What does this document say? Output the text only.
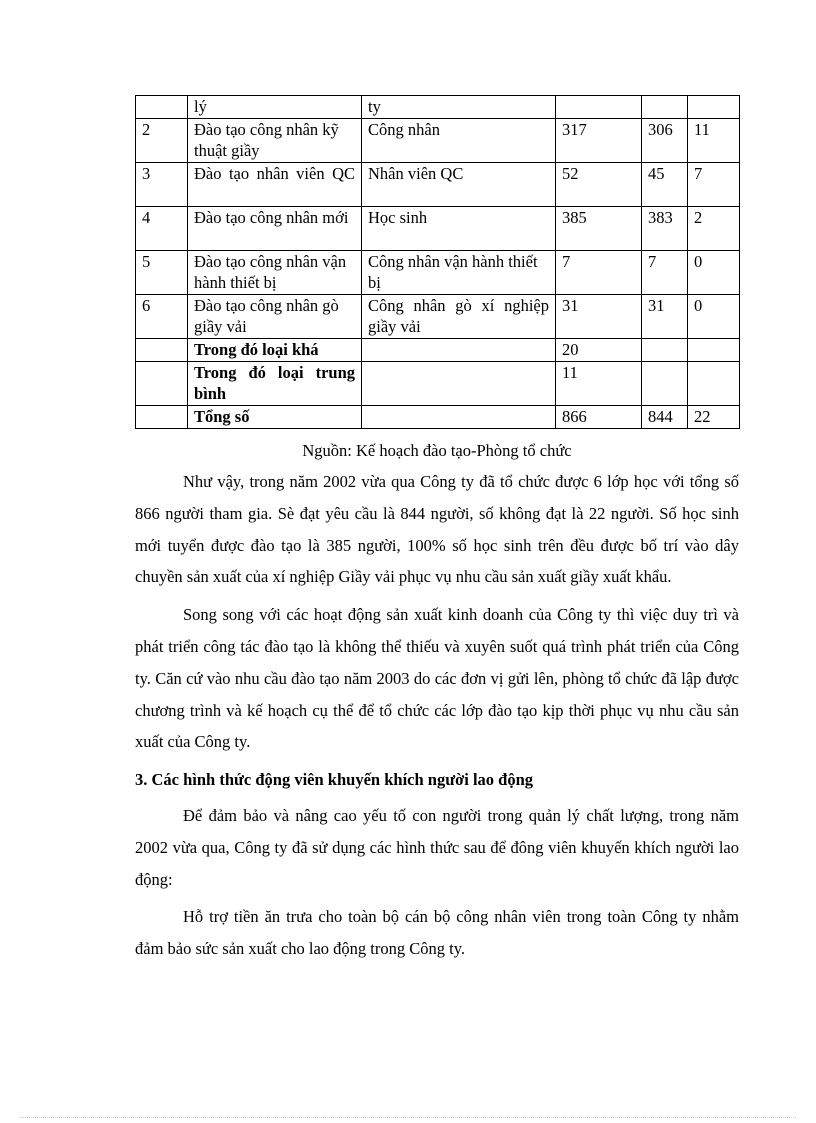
	lý	ty			
2	Đào tạo công nhân kỹ thuật giầy	Công nhân	317	306	11
3	Đào tạo nhân viên QC	Nhân viên QC	52	45	7
4	Đào tạo công nhân mới	Học sinh	385	383	2
5	Đào tạo công nhân vận hành thiết bị	Công nhân vận hành thiết bị	7	7	0
6	Đào tạo công nhân gò giầy vải	Công nhân gò xí nghiệp giầy vải	31	31	0
	Trong đó loại khá		20		
	Trong đó loại trung bình		11		
	Tổng số		866	844	22
Nguồn: Kế hoạch đào tạo-Phòng tổ chức

Như vậy, trong năm 2002 vừa qua Công ty đã tổ chức được 6 lớp học với tổng số 866 người tham gia. Sè đạt yêu cầu là 844 người, số không đạt là 22 người. Số học sinh mới tuyển được đào tạo là 385 người, 100% số học sinh trên đều được bố trí vào dây chuyền sản xuất của xí nghiệp Giầy vải phục vụ nhu cầu sản xuất giầy xuất khẩu.

Song song với các hoạt động sản xuất kinh doanh của Công ty thì việc duy trì và phát triển công tác đào tạo là không thể thiếu và xuyên suốt quá trình phát triển của Công ty. Căn cứ vào nhu cầu đào tạo năm 2003 do các đơn vị gửi lên, phòng tổ chức đã lập được chương trình và kế hoạch cụ thể để tổ chức các lớp đào tạo kịp thời phục vụ nhu cầu sản xuất của Công ty.

3. Các hình thức động viên khuyến khích người lao động

Để đảm bảo và nâng cao yếu tố con người trong quản lý chất lượng, trong năm 2002 vừa qua, Công ty đã sử dụng các hình thức sau để đông viên khuyến khích người lao động:

Hỗ trợ tiền ăn trưa cho toàn bộ cán bộ công nhân viên trong toàn Công ty nhằm đảm bảo sức sản xuất cho lao động trong Công ty.
